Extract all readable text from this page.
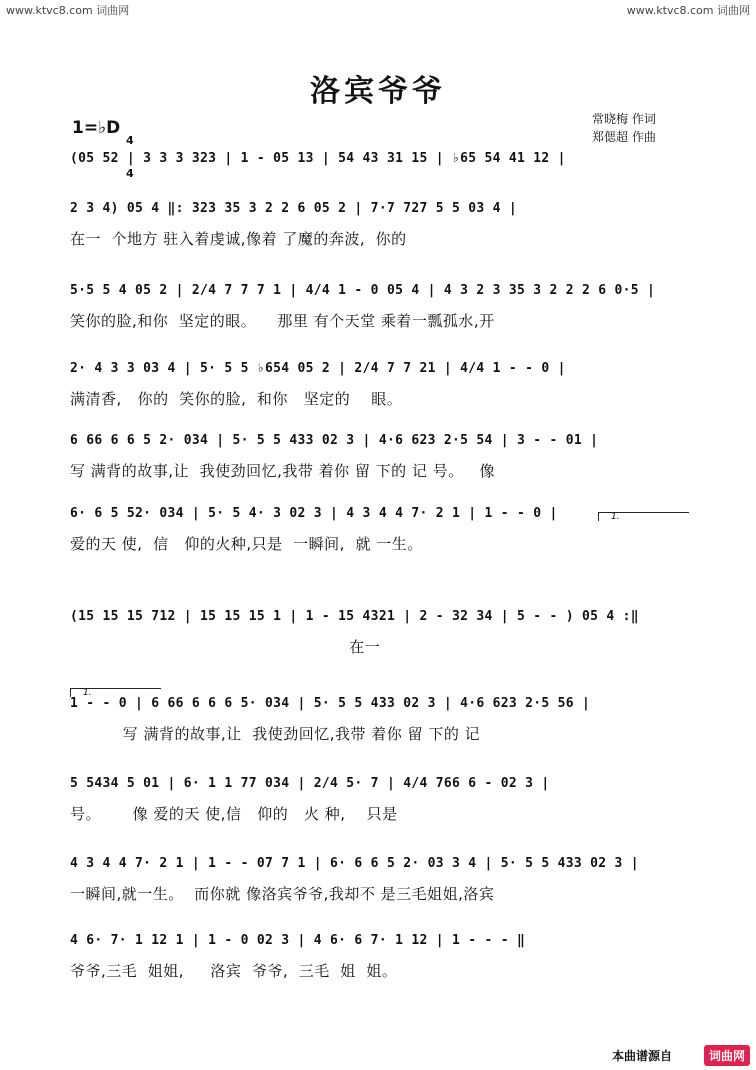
www.ktvc8.com 词曲网	www.ktvc8.com 词曲网
洛宾爷爷
1=♭D

4

4

常晓梅 作词
郑偲超 作曲
(05 52 | 3 3 3 323 | 1 - 05 13 | 54 43 31 15 | ♭65 54 41 12 |
2 3 4) 05 4 ‖: 323 35 3 2 2 6 05 2 | 7·7 727 5 5 03 4 |
在一  个地方 驻入着虔诚,像着 了魔的奔波,  你的
5·5 5 4 05 2 | 2/4 7 7 7 1 | 4/4 1 - 0 05 4 | 4 3 2 3 35 3 2 2 2 6 0·5 |
笑你的脸,和你  坚定的眼。    那里 有个天堂 乘着一瓢孤水,开
2· 4 3 3 03 4 | 5· 5 5 ♭654 05 2 | 2/4 7 7 21 | 4/4 1 - - 0 |
满清香,   你的  笑你的脸,  和你   坚定的    眼。
6 66 6 6 5 2· 034 | 5· 5 5 433 02 3 | 4·6 623 2·5 54 | 3 - - 01 |
写 满背的故事,让  我使劲回忆,我带 着你 留 下的 记 号。   像
6· 6 5 52· 034 | 5· 5 4· 3 02 3 | 4 3 4 4 7· 2 1 | 1 - - 0 |
爱的天 使,  信   仰的火种,只是  一瞬间,  就 一生。
(15 15 15 712 | 15 15 15 1 | 1 - 15 4321 | 2 - 32 34 | 5 - - ) 05 4 :‖
在一
1 - - 0 | 6 66 6 6 6 5· 034 | 5· 5 5 433 02 3 | 4·6 623 2·5 56 |
写 满背的故事,让  我使劲回忆,我带 着你 留 下的 记
5 5434 5 01 | 6· 1 1 77 034 | 2/4 5· 7 | 4/4 766 6 - 02 3 |
号。      像 爱的天 使,信   仰的   火 种,    只是
4 3 4 4 7· 2 1 | 1 - - 07 7 1 | 6· 6 6 5 2· 03 3 4 | 5· 5 5 433 02 3 |
一瞬间,就一生。  而你就 像洛宾爷爷,我却不 是三毛姐姐,洛宾
4 6· 7· 1 12 1 | 1 - 0 02 3 | 4 6· 6 7· 1 12 | 1 - - - ‖
爷爷,三毛  姐姐,     洛宾  爷爷,  三毛  姐  姐。
1.
1.
本曲谱源自	词曲网
